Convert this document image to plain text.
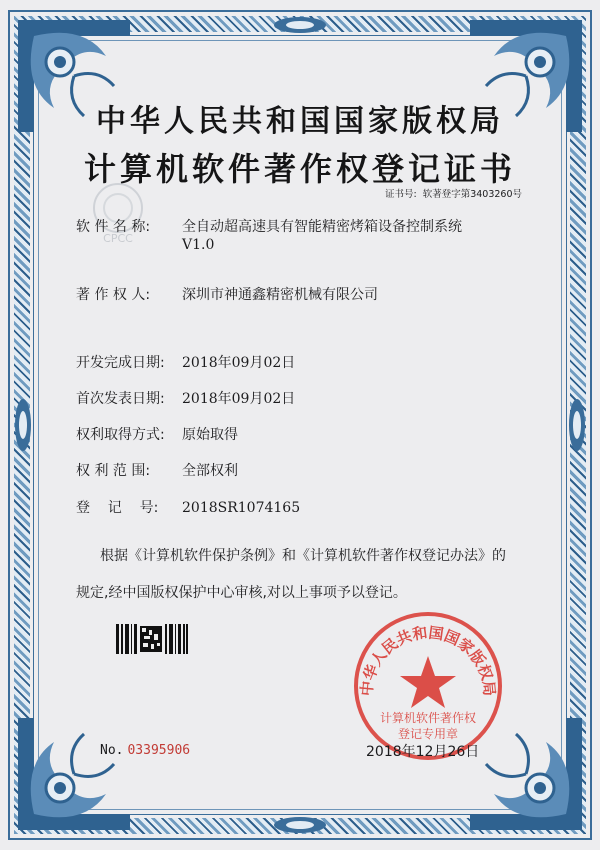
CPCC
中华人民共和国国家版权局
计算机软件著作权登记证书
证书号: 软著登字第3403260号
软 件 名 称: 全自动超高速具有智能精密烤箱设备控制系统
V1.0
著 作 权 人: 深圳市神通鑫精密机械有限公司
开发完成日期: 2018年09月02日
首次发表日期: 2018年09月02日
权利取得方式: 原始取得
权 利 范 围: 全部权利
登    记    号: 2018SR1074165
根据《计算机软件保护条例》和《计算机软件著作权登记办法》的
规定,经中国版权保护中心审核,对以上事项予以登记。
No. 03395906
中华人民共和国国家版权局
计算机软件著作权
登记专用章
2018年12月26日
